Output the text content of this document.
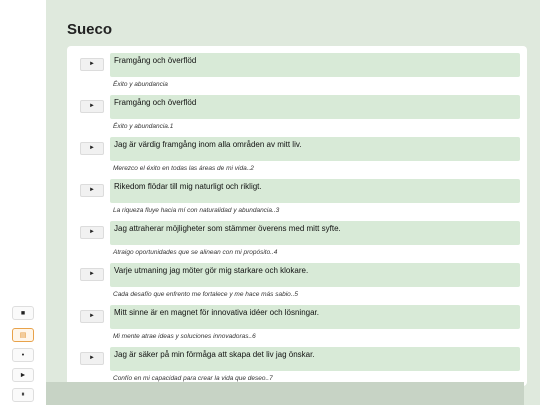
■
▤
•
►
⏸
Sueco
►	Framgång och överflöd
Éxito y abundancia
►	Framgång och överflöd
Éxito y abundancia.1
►	Jag är värdig framgång inom alla områden av mitt liv.
Merezco el éxito en todas las áreas de mi vida..2
►	Rikedom flödar till mig naturligt och rikligt.
La riqueza fluye hacia mí con naturalidad y abundancia..3
►	Jag attraherar möjligheter som stämmer överens med mitt syfte.
Atraigo oportunidades que se alinean con mi propósito..4
►	Varje utmaning jag möter gör mig starkare och klokare.
Cada desafío que enfrento me fortalece y me hace más sabio..5
►	Mitt sinne är en magnet för innovativa idéer och lösningar.
Mi mente atrae ideas y soluciones innovadoras..6
►	Jag är säker på min förmåga att skapa det liv jag önskar.
Confío en mi capacidad para crear la vida que deseo..7
